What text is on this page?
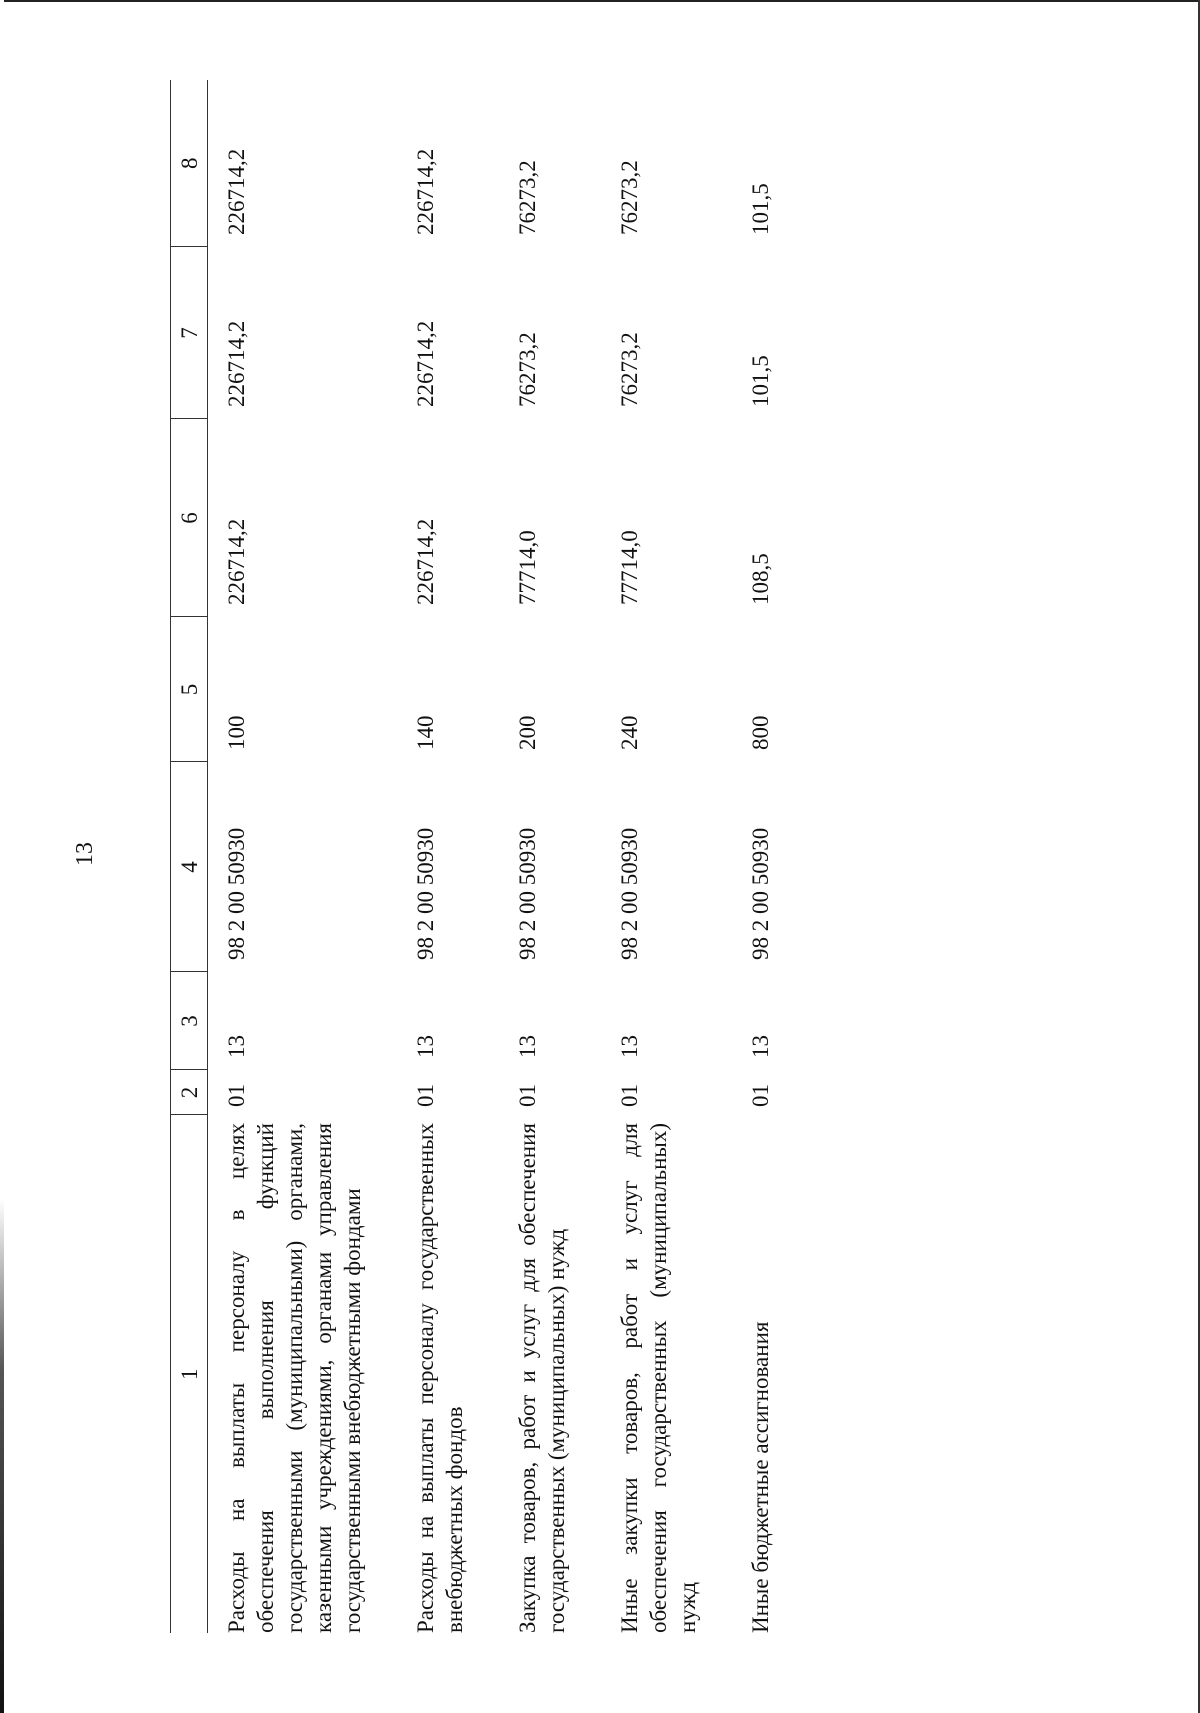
13
1	2	3	4	5	6	7	8
Расходы на выплаты персоналу в целях обеспечения выполнения функций государственными (муниципальными) органами, казенными учреждениями, органами управления государственными внебюджетными фондами	01	13	98 2 00 50930	100	226714,2	226714,2	226714,2

Расходы на выплаты персоналу государственных внебюджетных фондов	01	13	98 2 00 50930	140	226714,2	226714,2	226714,2

Закупка товаров, работ и услуг для обеспечения государственных (муниципальных) нужд	01	13	98 2 00 50930	200	77714,0	76273,2	76273,2

Иные закупки товаров, работ и услуг для обеспечения государственных (муниципальных) нужд	01	13	98 2 00 50930	240	77714,0	76273,2	76273,2

Иные бюджетные ассигнования	01	13	98 2 00 50930	800	108,5	101,5	101,5
